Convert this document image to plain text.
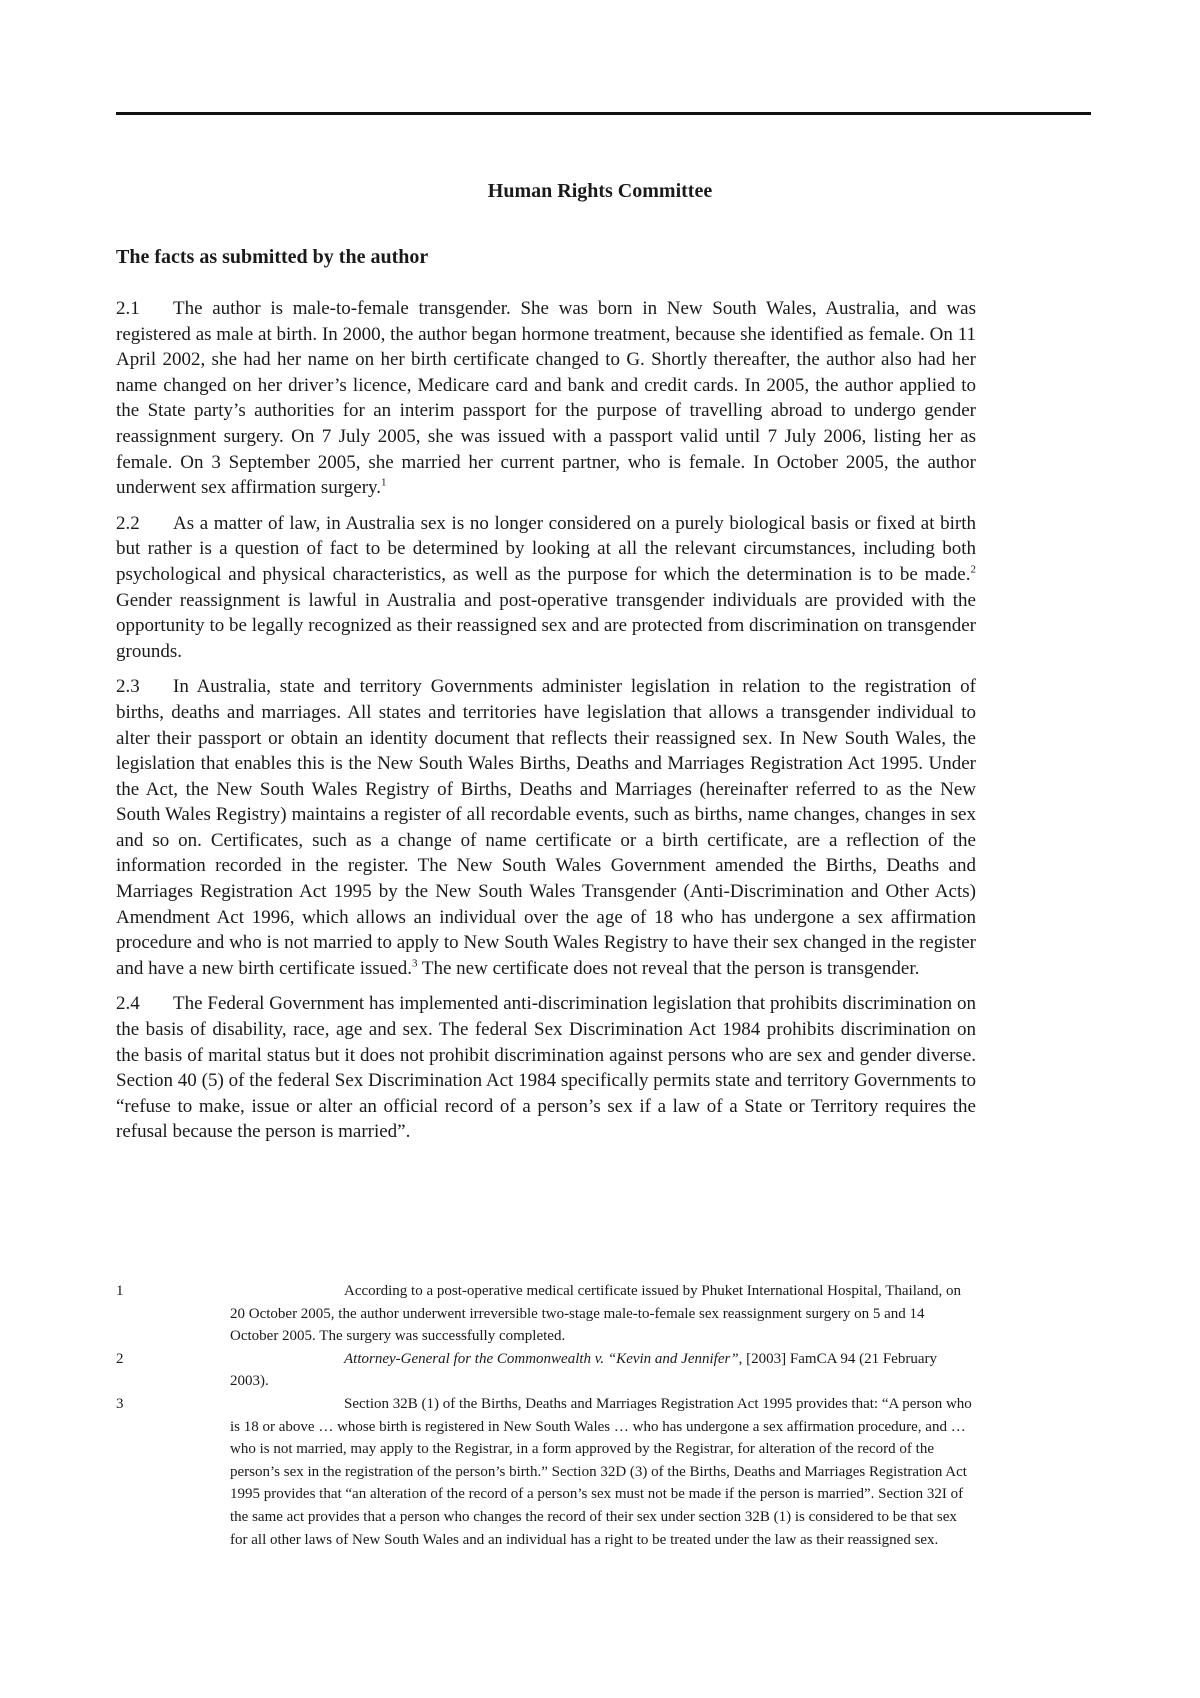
Human Rights Committee
The facts as submitted by the author

2.1 The author is male-to-female transgender. She was born in New South Wales, Australia, and was registered as male at birth. In 2000, the author began hormone treatment, because she identified as female. On 11 April 2002, she had her name on her birth certificate changed to G. Shortly thereafter, the author also had her name changed on her driver’s licence, Medicare card and bank and credit cards. In 2005, the author applied to the State party’s authorities for an interim passport for the purpose of travelling abroad to undergo gender reassignment surgery. On 7 July 2005, she was issued with a passport valid until 7 July 2006, listing her as female. On 3 September 2005, she married her current partner, who is female. In October 2005, the author underwent sex affirmation surgery.$^1$

2.2 As a matter of law, in Australia sex is no longer considered on a purely biological basis or fixed at birth but rather is a question of fact to be determined by looking at all the relevant circumstances, including both psychological and physical characteristics, as well as the purpose for which the determination is to be made.$^2$ Gender reassignment is lawful in Australia and post-operative transgender individuals are provided with the opportunity to be legally recognized as their reassigned sex and are protected from discrimination on transgender grounds.

2.3 In Australia, state and territory Governments administer legislation in relation to the registration of births, deaths and marriages. All states and territories have legislation that allows a transgender individual to alter their passport or obtain an identity document that reflects their reassigned sex. In New South Wales, the legislation that enables this is the New South Wales Births, Deaths and Marriages Registration Act 1995. Under the Act, the New South Wales Registry of Births, Deaths and Marriages (hereinafter referred to as the New South Wales Registry) maintains a register of all recordable events, such as births, name changes, changes in sex and so on. Certificates, such as a change of name certificate or a birth certificate, are a reflection of the information recorded in the register. The New South Wales Government amended the Births, Deaths and Marriages Registration Act 1995 by the New South Wales Transgender (Anti-Discrimination and Other Acts) Amendment Act 1996, which allows an individual over the age of 18 who has undergone a sex affirmation procedure and who is not married to apply to New South Wales Registry to have their sex changed in the register and have a new birth certificate issued.$^3$ The new certificate does not reveal that the person is transgender.

2.4 The Federal Government has implemented anti-discrimination legislation that prohibits discrimination on the basis of disability, race, age and sex. The federal Sex Discrimination Act 1984 prohibits discrimination on the basis of marital status but it does not prohibit discrimination against persons who are sex and gender diverse. Section 40 (5) of the federal Sex Discrimination Act 1984 specifically permits state and territory Governments to “refuse to make, issue or alter an official record of a person’s sex if a law of a State or Territory requires the refusal because the person is married”.

1	According to a post-operative medical certificate issued by Phuket International Hospital, Thailand, on 20 October 2005, the author underwent irreversible two-stage male-to-female sex reassignment surgery on 5 and 14 October 2005. The surgery was successfully completed.
2	Attorney-General for the Commonwealth v. “Kevin and Jennifer”, [2003] FamCA 94 (21 February 2003).
3	Section 32B (1) of the Births, Deaths and Marriages Registration Act 1995 provides that: “A person who is 18 or above … whose birth is registered in New South Wales … who has undergone a sex affirmation procedure, and … who is not married, may apply to the Registrar, in a form approved by the Registrar, for alteration of the record of the person’s sex in the registration of the person’s birth.” Section 32D (3) of the Births, Deaths and Marriages Registration Act 1995 provides that “an alteration of the record of a person’s sex must not be made if the person is married”. Section 32I of the same act provides that a person who changes the record of their sex under section 32B (1) is considered to be that sex for all other laws of New South Wales and an individual has a right to be treated under the law as their reassigned sex.
